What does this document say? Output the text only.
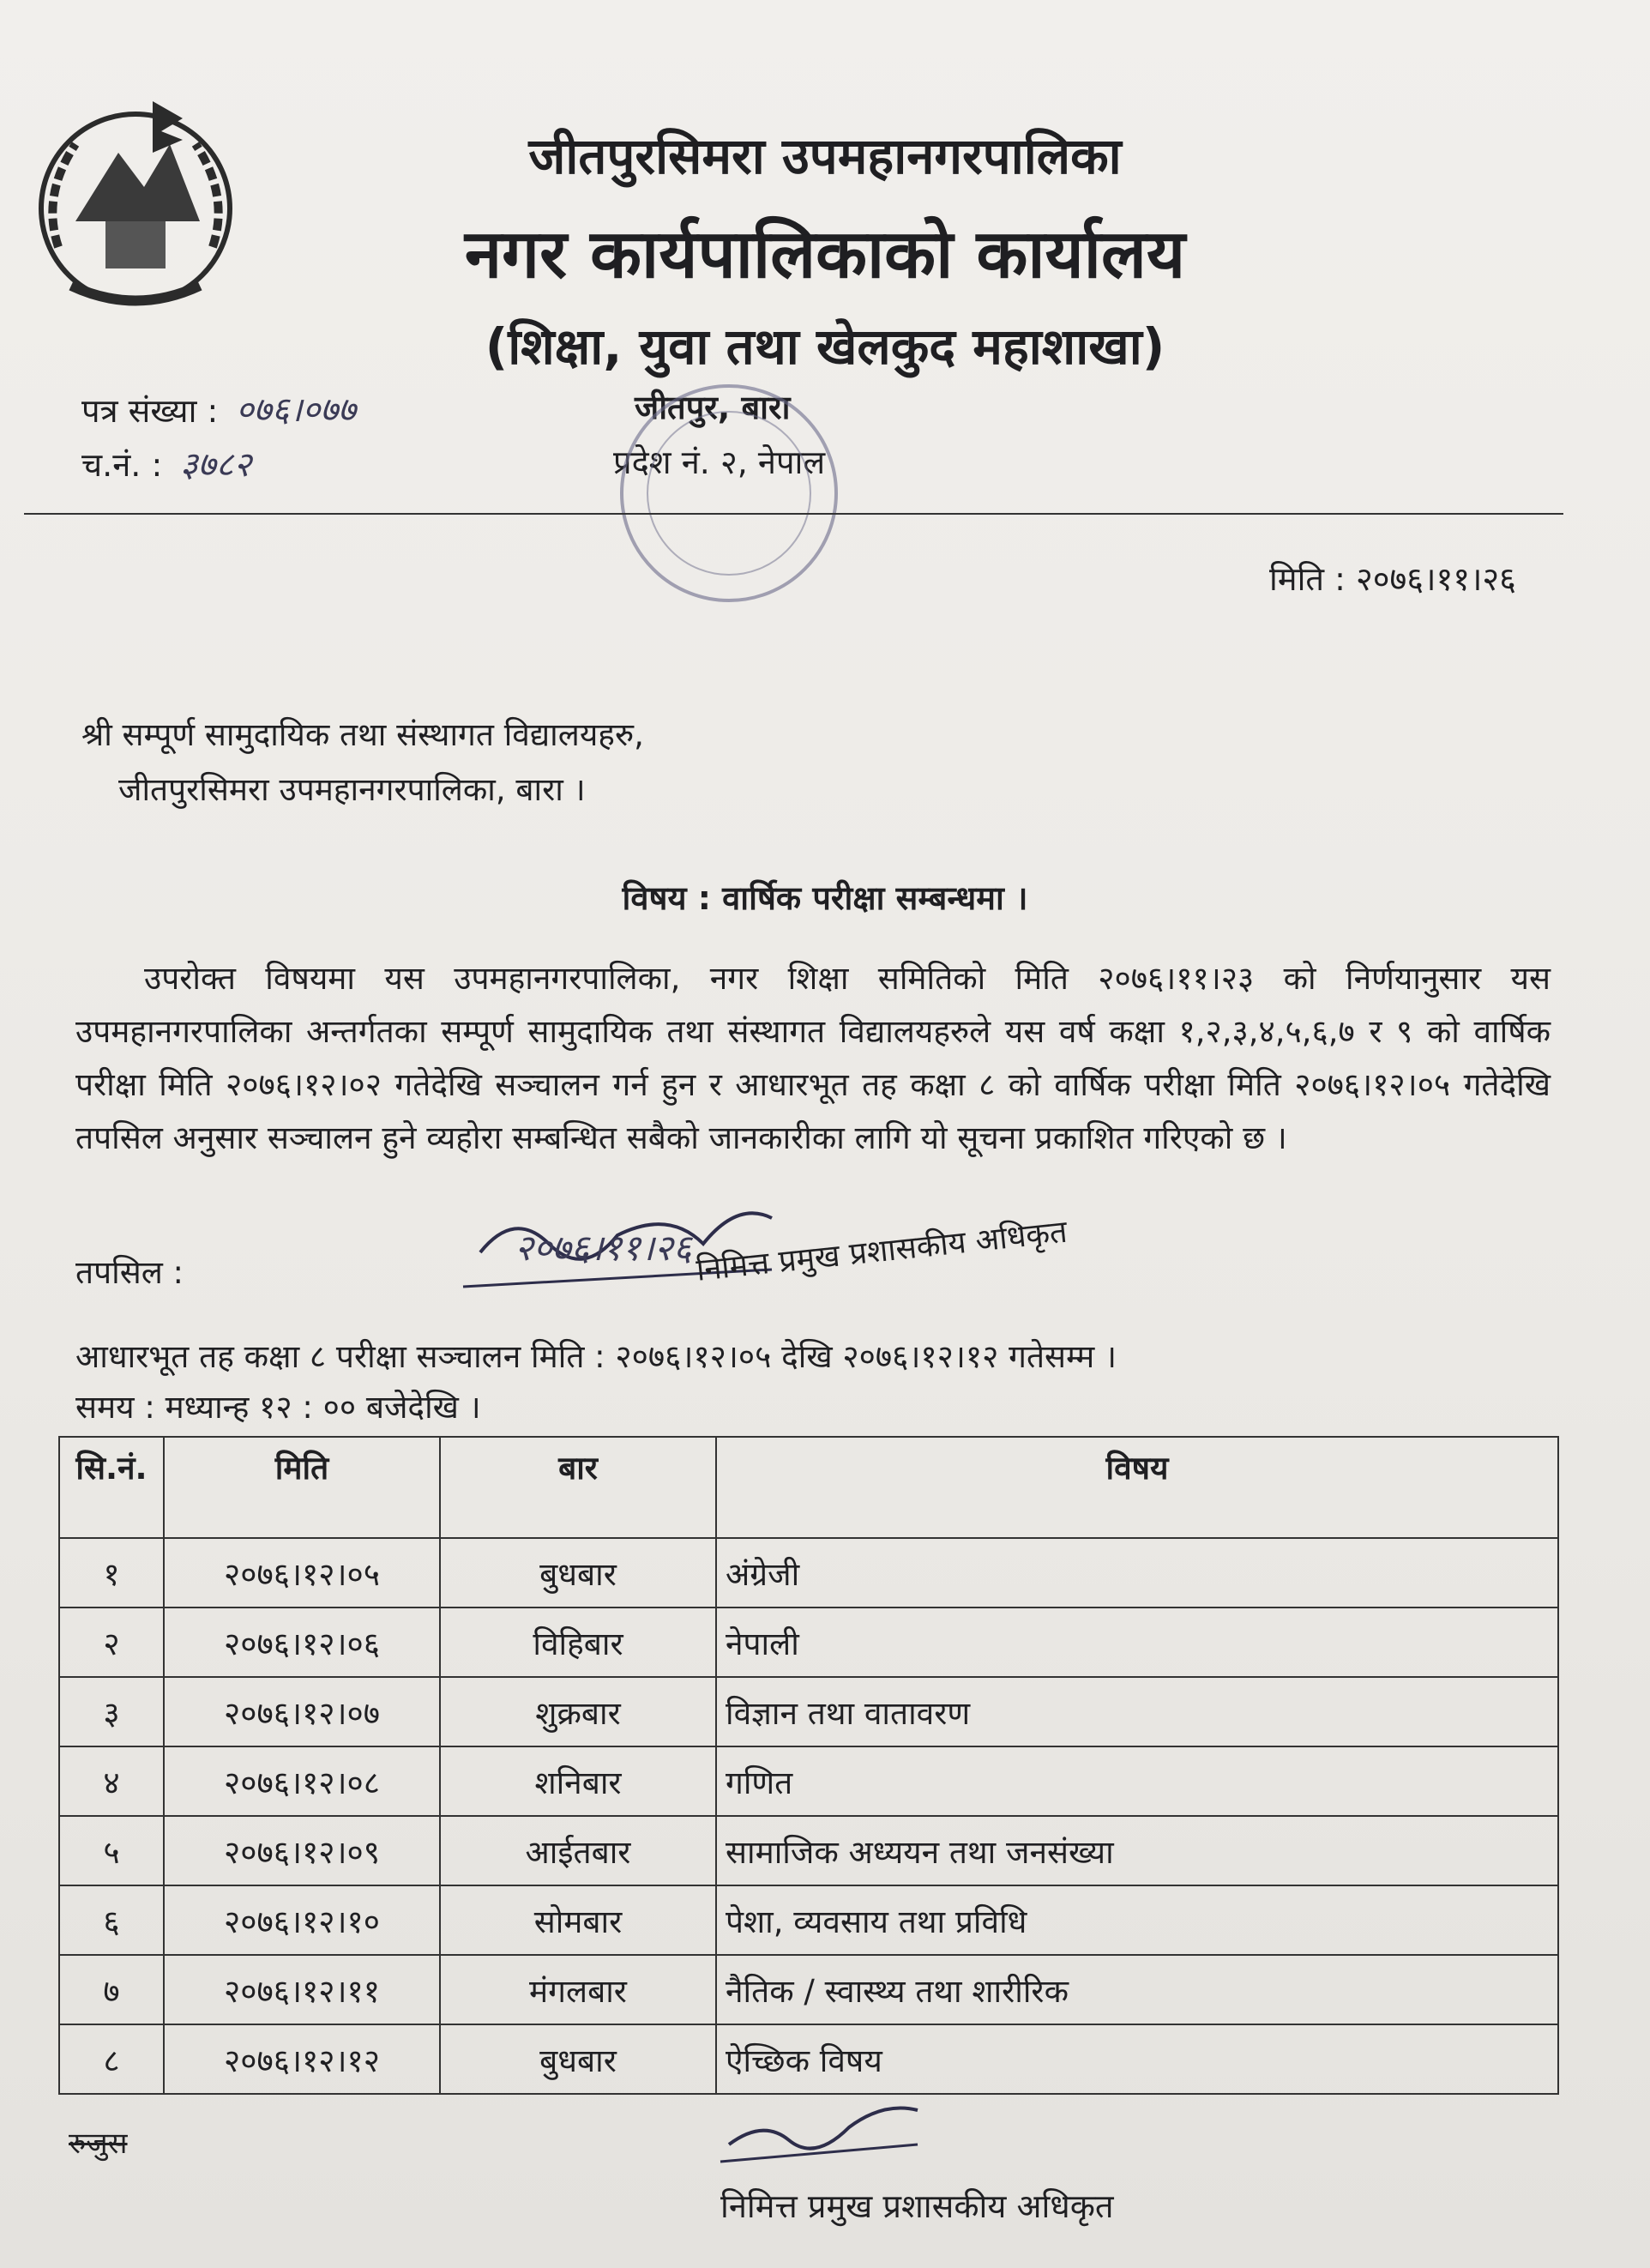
जीतपुरसिमरा उपमहानगरपालिका
नगर कार्यपालिकाको कार्यालय
(शिक्षा, युवा तथा खेलकुद महाशाखा)
पत्र संख्या : ०७६।०७७
च.नं. : ३७८२
जीतपुर, बारा
प्रदेश नं. २, नेपाल
मिति : २०७६।११।२६
श्री सम्पूर्ण सामुदायिक तथा संस्थागत विद्यालयहरु,
जीतपुरसिमरा उपमहानगरपालिका, बारा ।
विषय : वार्षिक परीक्षा सम्बन्धमा ।
उपरोक्त विषयमा यस उपमहानगरपालिका, नगर शिक्षा समितिको मिति २०७६।११।२३ को निर्णयानुसार यस उपमहानगरपालिका अन्तर्गतका सम्पूर्ण सामुदायिक तथा संस्थागत विद्यालयहरुले यस वर्ष कक्षा १,२,३,४,५,६,७ र ९ को वार्षिक परीक्षा मिति २०७६।१२।०२ गतेदेखि सञ्चालन गर्न हुन र आधारभूत तह कक्षा ८ को वार्षिक परीक्षा मिति २०७६।१२।०५ गतेदेखि तपसिल अनुसार सञ्चालन हुने व्यहोरा सम्बन्धित सबैको जानकारीका लागि यो सूचना प्रकाशित गरिएको छ ।
२०७६।११।२६ निमित्त प्रमुख प्रशासकीय अधिकृत
तपसिल :
आधारभूत तह कक्षा ८ परीक्षा सञ्चालन मिति : २०७६।१२।०५ देखि २०७६।१२।१२ गतेसम्म ।
समय : मध्यान्ह १२ : ०० बजेदेखि ।
सि.नं.	मिति	बार	विषय
१	२०७६।१२।०५	बुधबार	अंग्रेजी
२	२०७६।१२।०६	विहिबार	नेपाली
३	२०७६।१२।०७	शुक्रबार	विज्ञान तथा वातावरण
४	२०७६।१२।०८	शनिबार	गणित
५	२०७६।१२।०९	आईतबार	सामाजिक अध्ययन तथा जनसंख्या
६	२०७६।१२।१०	सोमबार	पेशा, व्यवसाय तथा प्रविधि
७	२०७६।१२।११	मंगलबार	नैतिक / स्वास्थ्य तथा शारीरिक
८	२०७६।१२।१२	बुधबार	ऐच्छिक विषय
रुजुस
निमित्त प्रमुख प्रशासकीय अधिकृत
